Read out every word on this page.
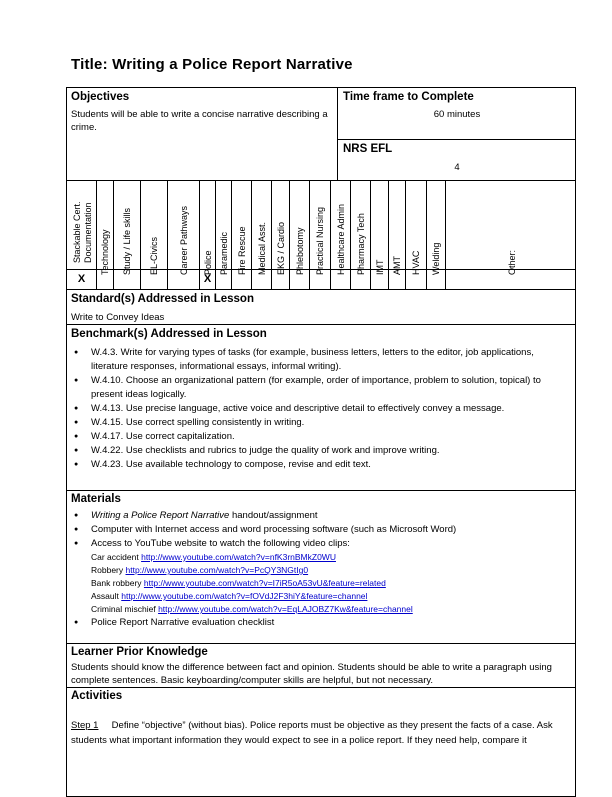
Title: Writing a Police Report Narrative
Objectives
Students will be able to write a concise narrative describing a crime.
Time frame to Complete
60 minutes
NRS EFL
4
Stackable Cert. Documentation Technology Study / Life skills EL-Civics Career Pathways Police Paramedic Fire Rescue Medical Asst. EKG / Cardio Phlebotomy Practical Nursing Healthcare Admin Pharmacy Tech IMT AMT HVAC Welding	Other:
X	X
Standard(s) Addressed in Lesson
Write to Convey Ideas
Benchmark(s) Addressed in Lesson
● W.4.3. Write for varying types of tasks (for example, business letters, letters to the editor, job applications, literature responses, informational essays, informal writing).
● W.4.10. Choose an organizational pattern (for example, order of importance, problem to solution, topical) to present ideas logically.
● W.4.13. Use precise language, active voice and descriptive detail to effectively convey a message.
● W.4.15. Use correct spelling consistently in writing.
● W.4.17. Use correct capitalization.
● W.4.22. Use checklists and rubrics to judge the quality of work and improve writing.
● W.4.23. Use available technology to compose, revise and edit text.
Materials
● Writing a Police Report Narrative handout/assignment
● Computer with Internet access and word processing software (such as Microsoft Word)
● Access to YouTube website to watch the following video clips:
Car accident http://www.youtube.com/watch?v=nfK3rnBMkZ0WU
Robbery http://www.youtube.com/watch?v=PcQY3NGtIg0
Bank robbery http://www.youtube.com/watch?v=I7iR5oA53vU&feature=related
Assault http://www.youtube.com/watch?v=fOVdJ2F3hiY&feature=channel
Criminal mischief http://www.youtube.com/watch?v=EqLAJOBZ7Kw&feature=channel
● Police Report Narrative evaluation checklist
Learner Prior Knowledge
Students should know the difference between fact and opinion. Students should be able to write a paragraph using complete sentences. Basic keyboarding/computer skills are helpful, but not necessary.
Activities
Step 1 Define “objective” (without bias). Police reports must be objective as they present the facts of a case. Ask students what important information they would expect to see in a police report. If they need help, compare it
